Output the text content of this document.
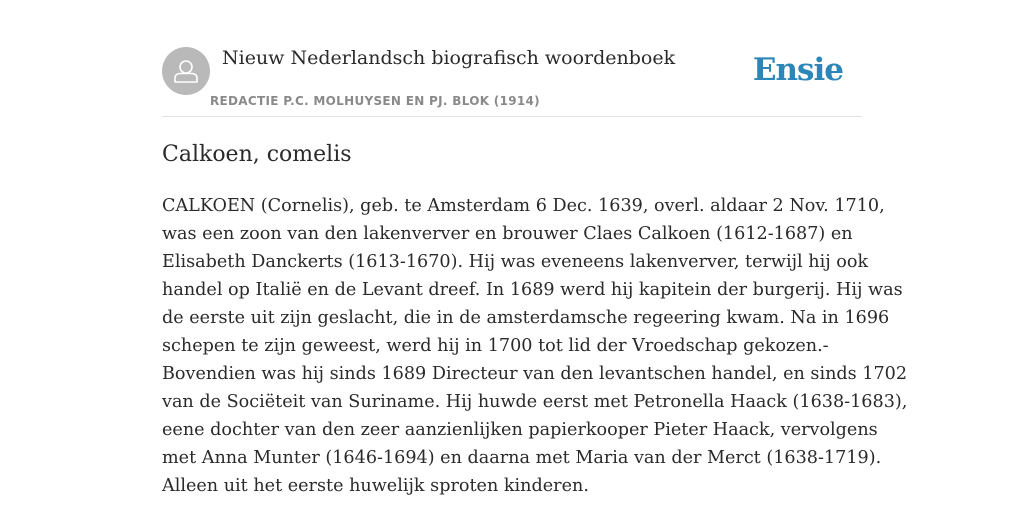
Nieuw Nederlandsch biografisch woordenboek
REDACTIE P.C. MOLHUYSEN EN PJ. BLOK (1914)
Ensie
Calkoen, comelis
CALKOEN (Cornelis), geb. te Amsterdam 6 Dec. 1639, overl. aldaar 2 Nov. 1710,
was een zoon van den lakenverver en brouwer Claes Calkoen (1612-1687) en
Elisabeth Danckerts (1613-1670). Hij was eveneens lakenverver, terwijl hij ook
handel op Italië en de Levant dreef. In 1689 werd hij kapitein der burgerij. Hij was
de eerste uit zijn geslacht, die in de amsterdamsche regeering kwam. Na in 1696
schepen te zijn geweest, werd hij in 1700 tot lid der Vroedschap gekozen.-
Bovendien was hij sinds 1689 Directeur van den levantschen handel, en sinds 1702
van de Sociëteit van Suriname. Hij huwde eerst met Petronella Haack (1638-1683),
eene dochter van den zeer aanzienlijken papierkooper Pieter Haack, vervolgens
met Anna Munter (1646-1694) en daarna met Maria van der Merct (1638-1719).
Alleen uit het eerste huwelijk sproten kinderen.
